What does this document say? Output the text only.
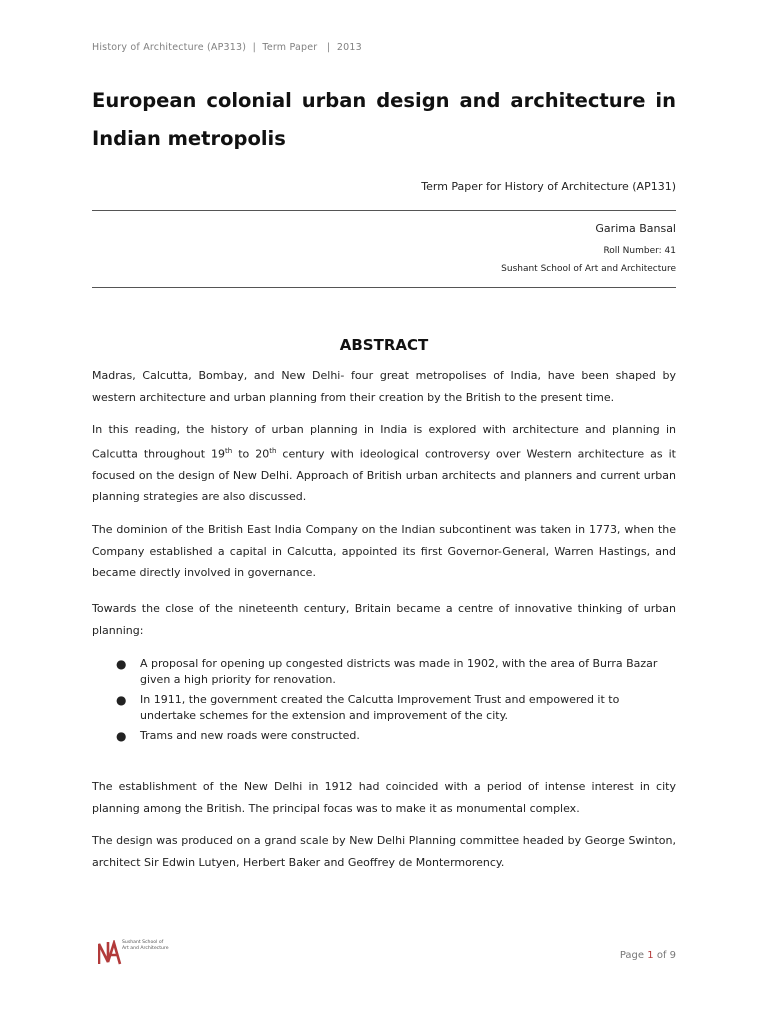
History of Architecture (AP313)  |  Term Paper   |  2013
European colonial urban design and architecture in Indian metropolis
Term Paper for History of Architecture (AP131)
Garima Bansal
Roll Number: 41
Sushant School of Art and Architecture
ABSTRACT

Madras, Calcutta, Bombay, and New Delhi- four great metropolises of India, have been shaped by western architecture and urban planning from their creation by the British to the present time.

In this reading, the history of urban planning in India is explored with architecture and planning in Calcutta throughout 19th to 20th century with ideological controversy over Western architecture as it focused on the design of New Delhi. Approach of British urban architects and planners and current urban planning strategies are also discussed.

The dominion of the British East India Company on the Indian subcontinent was taken in 1773, when the Company established a capital in Calcutta, appointed its first Governor-General, Warren Hastings, and became directly involved in governance.

Towards the close of the nineteenth century, Britain became a centre of innovative thinking of urban planning:

● A proposal for opening up congested districts was made in 1902, with the area of Burra Bazar given a high priority for renovation.
● In 1911, the government created the Calcutta Improvement Trust and empowered it to undertake schemes for the extension and improvement of the city.
● Trams and new roads were constructed.

The establishment of the New Delhi in 1912 had coincided with a period of intense interest in city planning among the British. The principal focas was to make it as monumental complex.

The design was produced on a grand scale by New Delhi Planning committee headed by George Swinton, architect Sir Edwin Lutyen, Herbert Baker and Geoffrey de Montermorency.

Sushant School of Art and Architecture
Page 1 of 9
